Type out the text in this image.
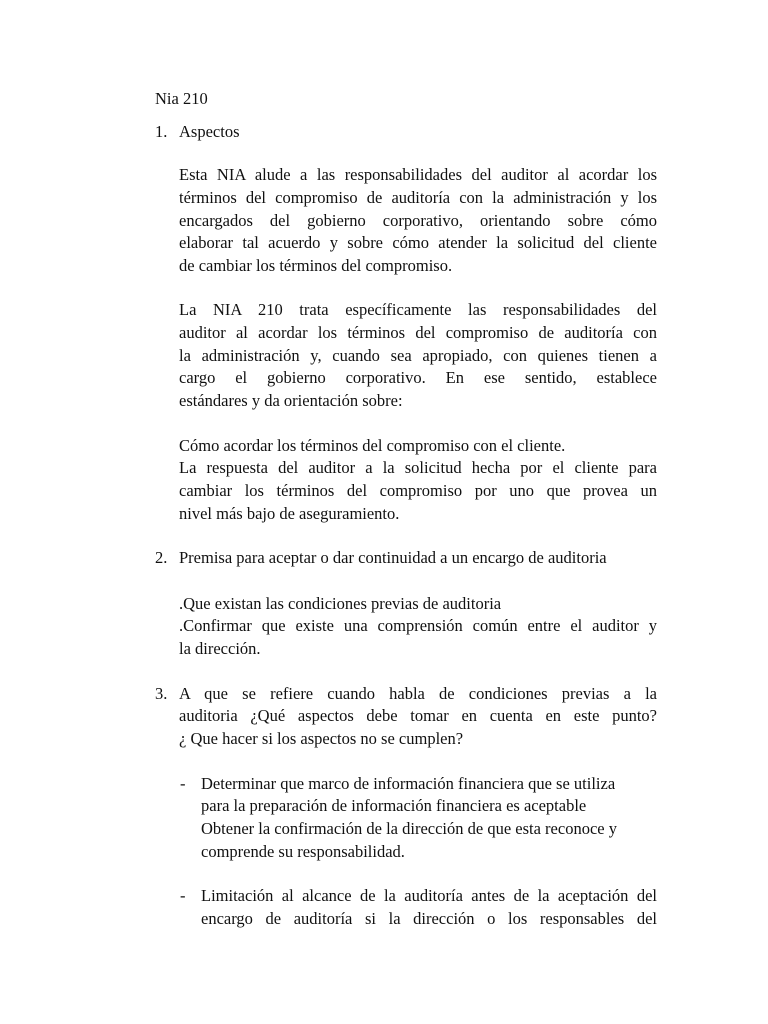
Nia 210
1. Aspectos
Esta NIA alude a las responsabilidades del auditor al acordar los
términos del compromiso de auditoría con la administración y los
encargados del gobierno corporativo, orientando sobre cómo
elaborar tal acuerdo y sobre cómo atender la solicitud del cliente
de cambiar los términos del compromiso.
La NIA 210 trata específicamente las responsabilidades del
auditor al acordar los términos del compromiso de auditoría con
la administración y, cuando sea apropiado, con quienes tienen a
cargo el gobierno corporativo. En ese sentido, establece
estándares y da orientación sobre:
Cómo acordar los términos del compromiso con el cliente.
La respuesta del auditor a la solicitud hecha por el cliente para
cambiar los términos del compromiso por uno que provea un
nivel más bajo de aseguramiento.
2. Premisa para aceptar o dar continuidad a un encargo de auditoria
.Que existan las condiciones previas de auditoria
.Confirmar que existe una comprensión común entre el auditor y
la dirección.
3. A que se refiere cuando habla de condiciones previas a la
auditoria ¿Qué aspectos debe tomar en cuenta en este punto?
¿ Que hacer si los aspectos no se cumplen?
- Determinar que marco de información financiera que se utiliza
para la preparación de información financiera es aceptable
Obtener la confirmación de la dirección de que esta reconoce y
comprende su responsabilidad.
- Limitación al alcance de la auditoría antes de la aceptación del
encargo de auditoría si la dirección o los responsables del
